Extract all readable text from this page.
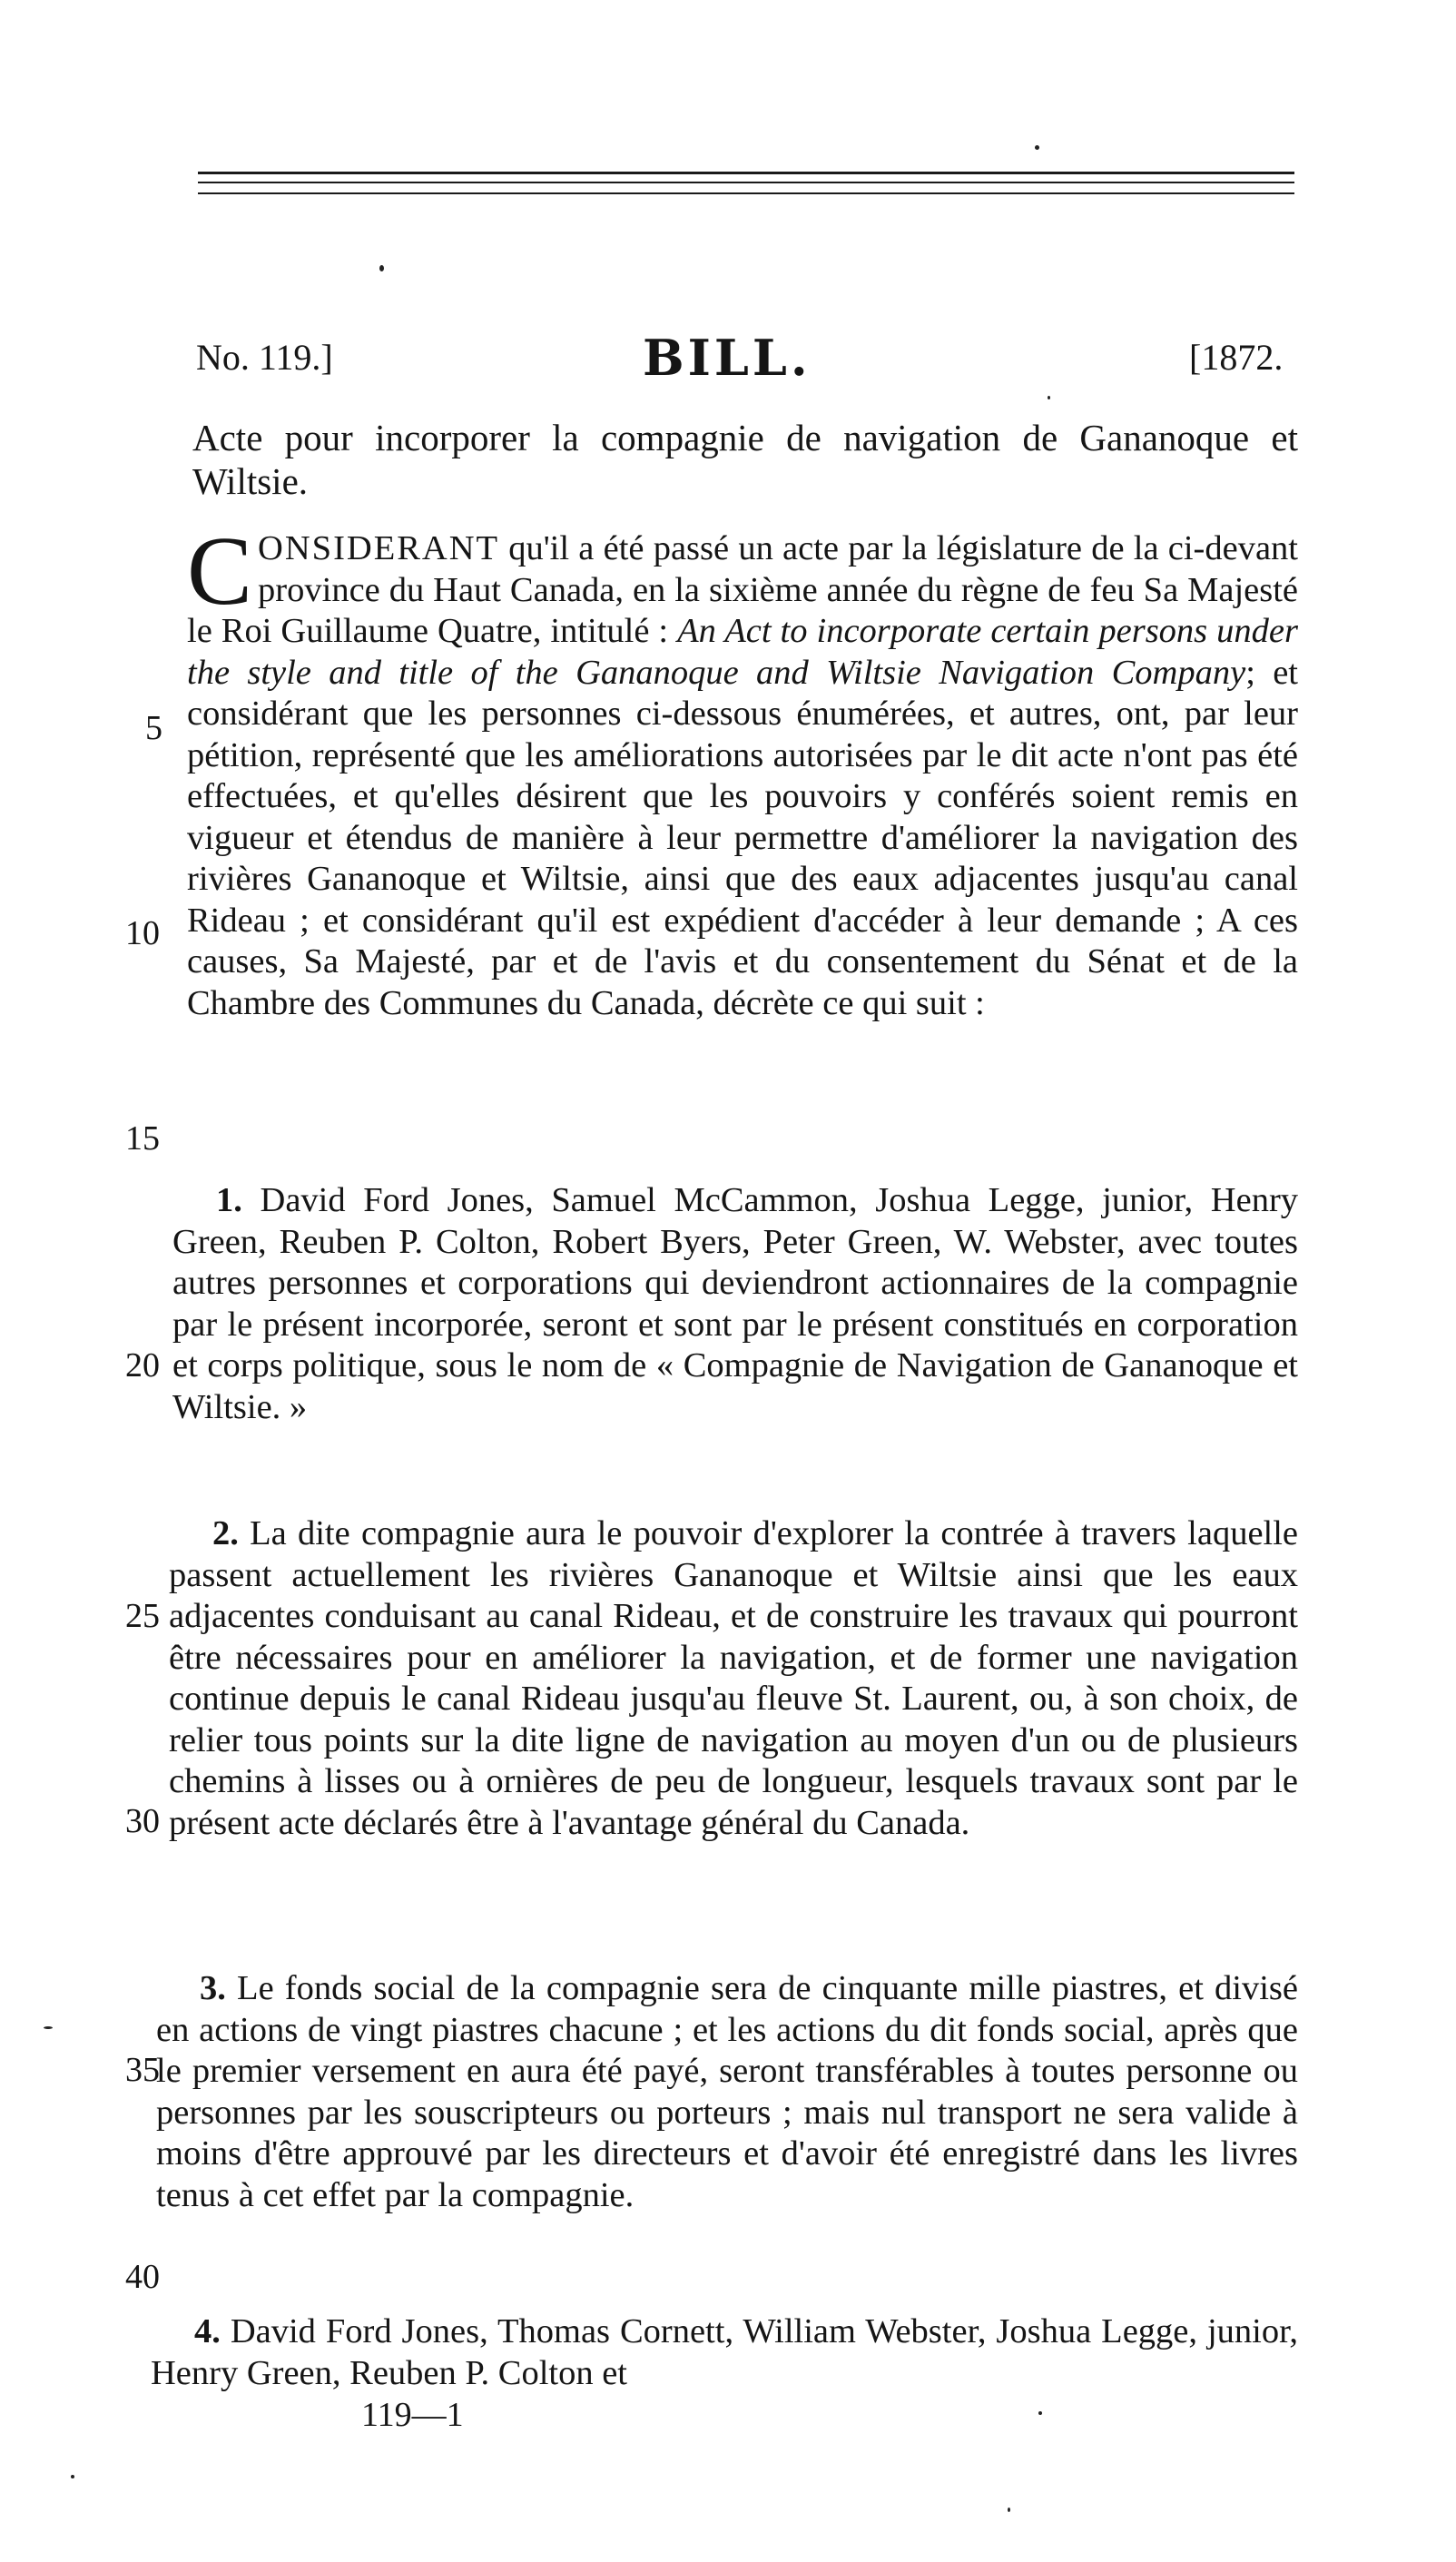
No. 119.]	BILL.	[1872.
Acte pour incorporer la compagnie de navigation de Gananoque et Wiltsie.
CONSIDERANT qu'il a été passé un acte par la législature de la ci-devant province du Haut Canada, en la sixième année du règne de feu Sa Majesté le Roi Guillaume Quatre, intitulé : An Act to incorporate certain persons under the style and title of the Gananoque and Wiltsie Navigation Company; et considérant que les personnes ci-dessous énumérées, et autres, ont, par leur pétition, représenté que les améliorations autorisées par le dit acte n'ont pas été effectuées, et qu'elles désirent que les pouvoirs y conférés soient remis en vigueur et étendus de manière à leur permettre d'améliorer la navigation des rivières Gananoque et Wiltsie, ainsi que des eaux adjacentes jusqu'au canal Rideau ; et considérant qu'il est expédient d'accéder à leur demande ; A ces causes, Sa Majesté, par et de l'avis et du consentement du Sénat et de la Chambre des Communes du Canada, décrète ce qui suit :
1. David Ford Jones, Samuel McCammon, Joshua Legge, junior, Henry Green, Reuben P. Colton, Robert Byers, Peter Green, W. Webster, avec toutes autres personnes et corporations qui deviendront actionnaires de la compagnie par le présent incorporée, seront et sont par le présent constitués en corporation et corps politique, sous le nom de « Compagnie de Navigation de Gananoque et Wiltsie. »
2. La dite compagnie aura le pouvoir d'explorer la contrée à travers laquelle passent actuellement les rivières Gananoque et Wiltsie ainsi que les eaux adjacentes conduisant au canal Rideau, et de construire les travaux qui pourront être nécessaires pour en améliorer la navigation, et de former une navigation continue depuis le canal Rideau jusqu'au fleuve St. Laurent, ou, à son choix, de relier tous points sur la dite ligne de navigation au moyen d'un ou de plusieurs chemins à lisses ou à ornières de peu de longueur, lesquels travaux sont par le présent acte déclarés être à l'avantage général du Canada.
3. Le fonds social de la compagnie sera de cinquante mille piastres, et divisé en actions de vingt piastres chacune ; et les actions du dit fonds social, après que le premier versement en aura été payé, seront transférables à toutes personne ou personnes par les souscripteurs ou porteurs ; mais nul transport ne sera valide à moins d'être approuvé par les directeurs et d'avoir été enregistré dans les livres tenus à cet effet par la compagnie.
4. David Ford Jones, Thomas Cornett, William Webster, Joshua Legge, junior, Henry Green, Reuben P. Colton et
5
10
15
20
25
30
35
40
119—1
